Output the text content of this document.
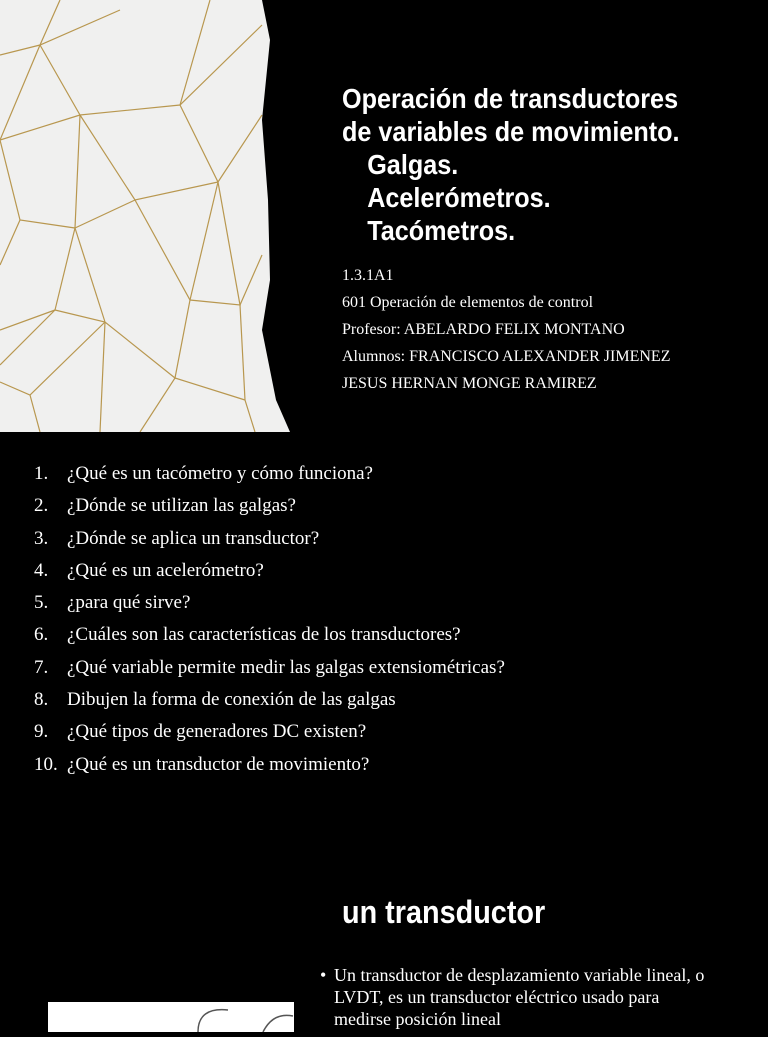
Operación de transductores
de variables de movimiento.
Galgas.
Acelerómetros.
Tacómetros.
1.3.1A1
601 Operación de elementos de control
Profesor: ABELARDO FELIX MONTANO
Alumnos: FRANCISCO ALEXANDER JIMENEZ
JESUS HERNAN MONGE RAMIREZ
1. ¿Qué es un tacómetro y cómo funciona?
2. ¿Dónde se utilizan las galgas?
3. ¿Dónde se aplica un transductor?
4. ¿Qué es un acelerómetro?
5. ¿para qué sirve?
6. ¿Cuáles son las características de los transductores?
7. ¿Qué variable permite medir las galgas extensiométricas?
8. Dibujen la forma de conexión de las galgas
9. ¿Qué tipos de generadores DC existen?
10. ¿Qué es un transductor de movimiento?
un transductor
• Un transductor de desplazamiento variable lineal, o LVDT, es un transductor eléctrico usado para medirse posición lineal
